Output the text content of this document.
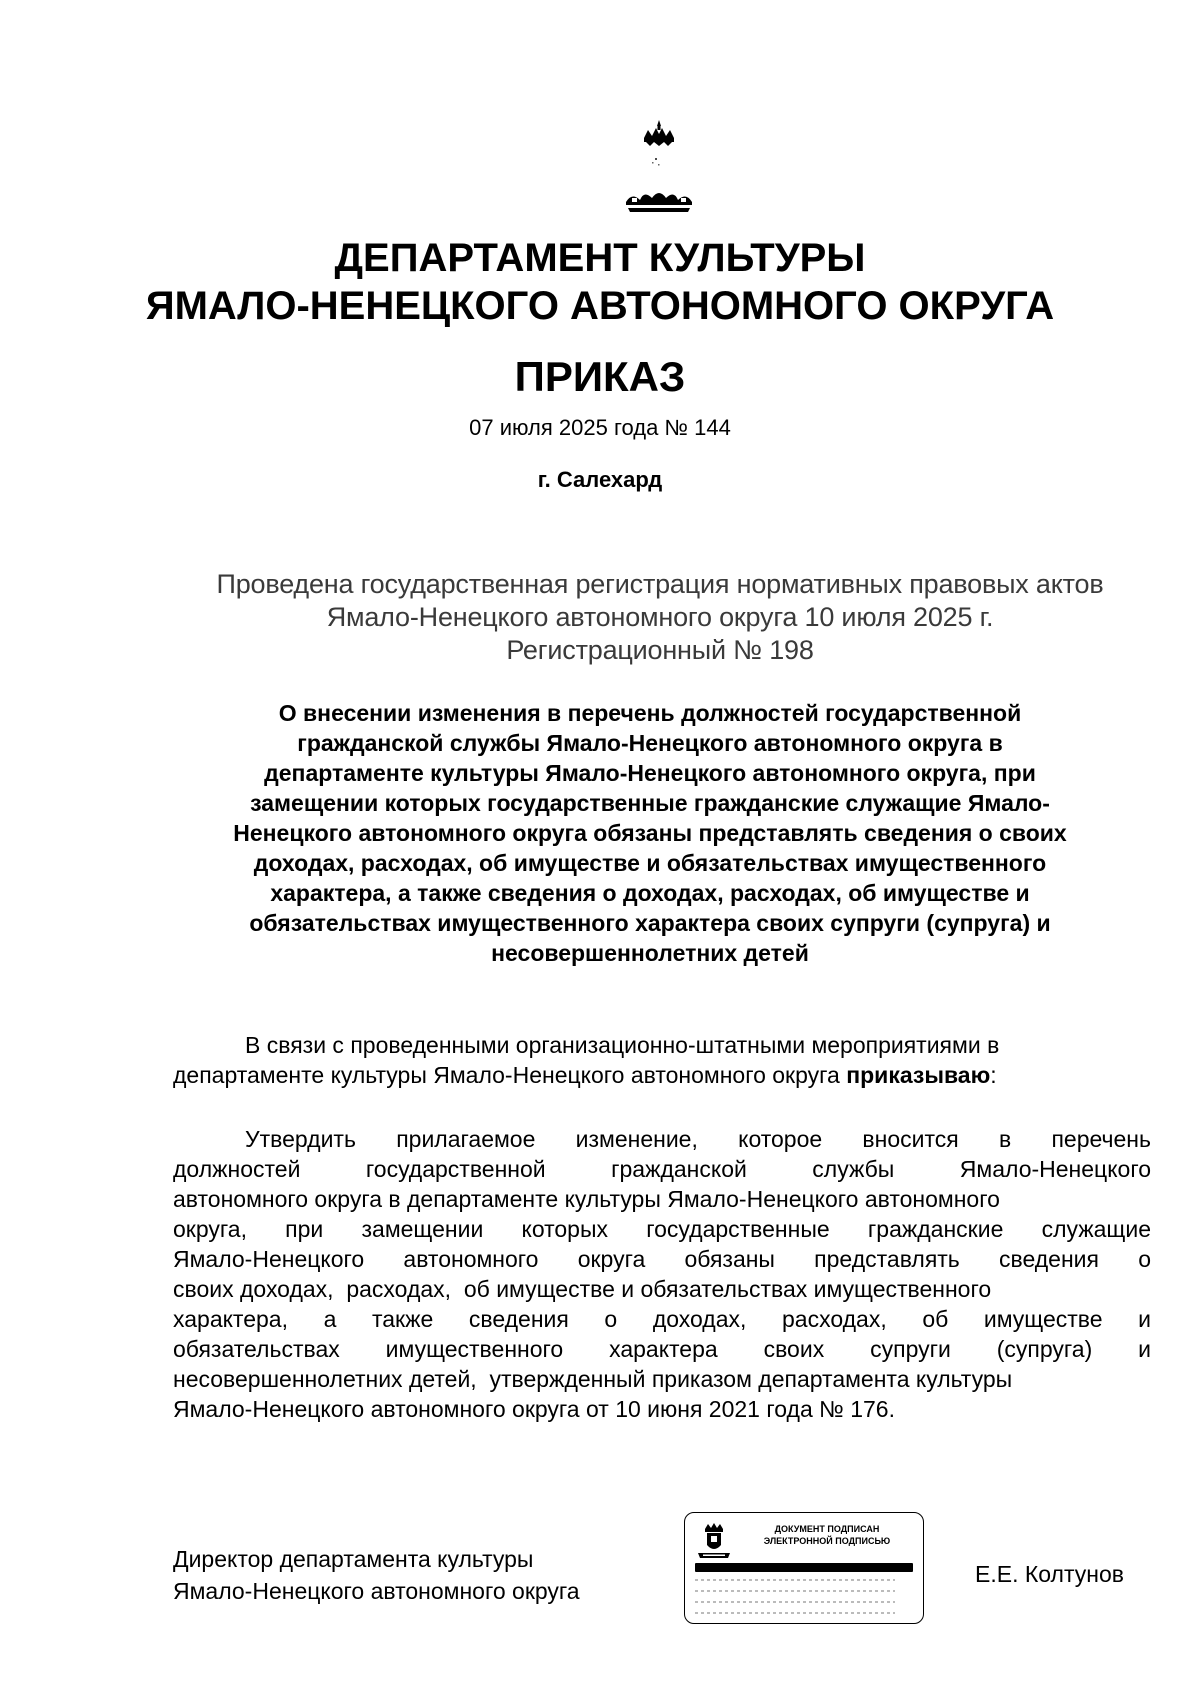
ДЕПАРТАМЕНТ КУЛЬТУРЫ
ЯМАЛО-НЕНЕЦКОГО АВТОНОМНОГО ОКРУГА
ПРИКАЗ
07 июля 2025 года № 144
г. Салехард
Проведена государственная регистрация нормативных правовых актов
Ямало-Ненецкого автономного округа 10 июля 2025 г.
Регистрационный № 198
О внесении изменения в перечень должностей государственной
гражданской службы Ямало-Ненецкого автономного округа в
департаменте культуры Ямало-Ненецкого автономного округа, при
замещении которых государственные гражданские служащие Ямало-
Ненецкого автономного округа обязаны представлять сведения о своих
доходах, расходах, об имуществе и обязательствах имущественного
характера, а также сведения о доходах, расходах, об имуществе и
обязательствах имущественного характера своих супруги (супруга) и
несовершеннолетних детей
В связи с проведенными организационно-штатными мероприятиями в
департаменте культуры Ямало-Ненецкого автономного округа приказываю:
Утвердить прилагаемое изменение, которое вносится в перечень
должностей государственной гражданской службы Ямало-Ненецкого
автономного округа в департаменте культуры Ямало-Ненецкого автономного
округа, при замещении которых государственные гражданские служащие
Ямало-Ненецкого автономного округа обязаны представлять сведения о
своих доходах,  расходах,  об имуществе и обязательствах имущественного
характера, а также сведения о доходах, расходах, об имуществе и
обязательствах имущественного характера своих супруги (супруга) и
несовершеннолетних детей,  утвержденный приказом департамента культуры
Ямало-Ненецкого автономного округа от 10 июня 2021 года № 176.
Директор департамента культуры
Ямало-Ненецкого автономного округа
ДОКУМЕНТ ПОДПИСАН
ЭЛЕКТРОННОЙ ПОДПИСЬЮ
Е.Е. Колтунов
